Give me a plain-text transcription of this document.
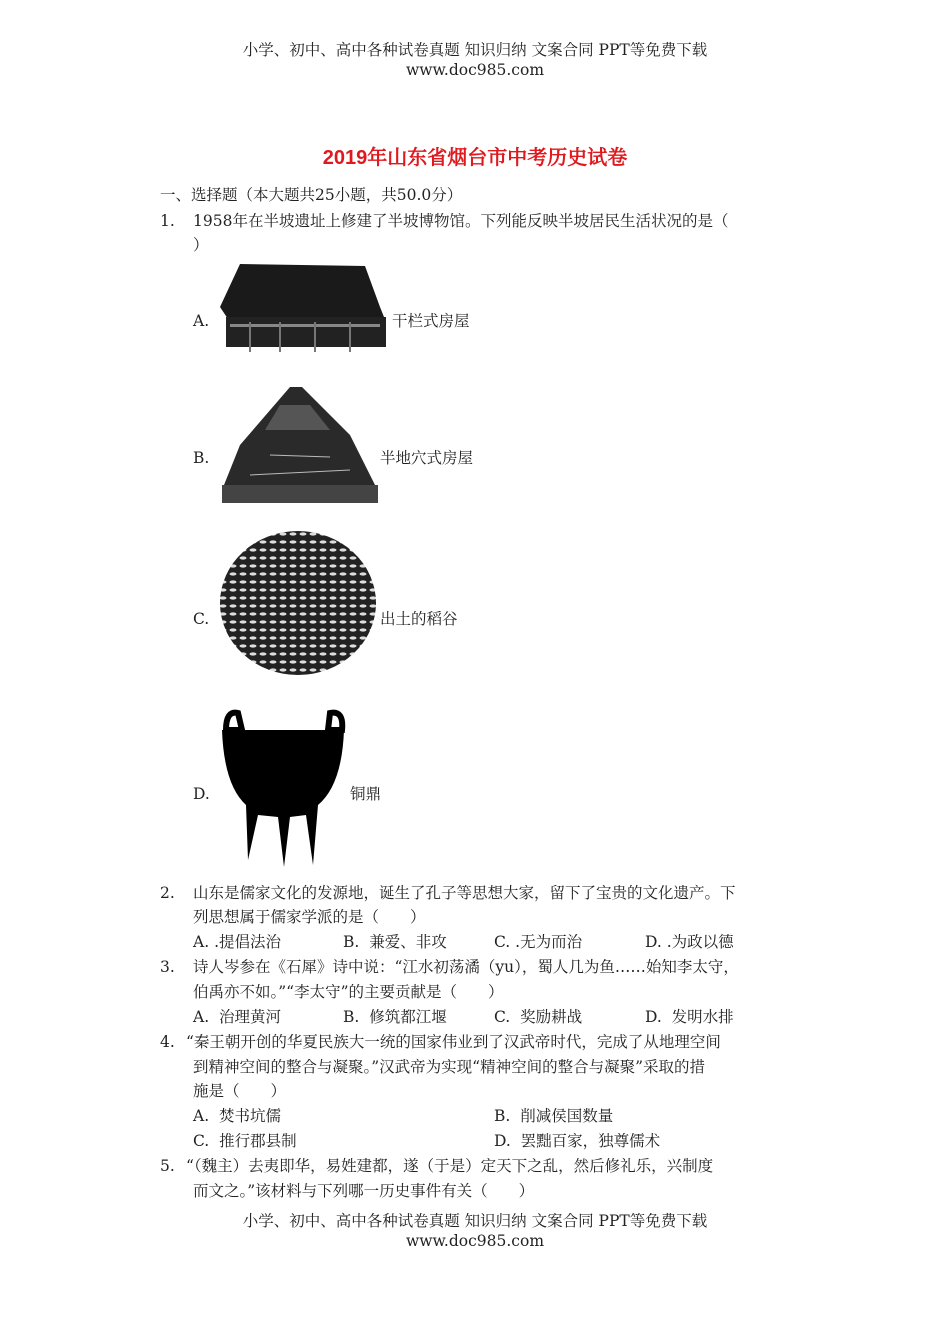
小学、初中、高中各种试卷真题 知识归纳 文案合同 PPT等免费下载
www.doc985.com
2019年山东省烟台市中考历史试卷
一、选择题（本大题共25小题，共50.0分）
1. 1958年在半坡遗址上修建了半坡博物馆。下列能反映半坡居民生活状况的是（
）
A.	干栏式房屋
B.	半地穴式房屋
C.	出土的稻谷
D.	铜鼎
2. 山东是儒家文化的发源地，诞生了孔子等思想大家，留下了宝贵的文化遗产。下
列思想属于儒家学派的是（　　）
A. .提倡法治	B. 兼爱、非攻	C. .无为而治	D. .为政以德
3. 诗人岑参在《石犀》诗中说：“江水初荡潏（yu），蜀人几为鱼……始知李太守，
伯禹亦不如。”“李太守”的主要贡献是（　　）
A. 治理黄河	B. 修筑都江堰	C. 奖励耕战	D. 发明水排
4. “秦王朝开创的华夏民族大一统的国家伟业到了汉武帝时代，完成了从地理空间
到精神空间的整合与凝聚。”汉武帝为实现“精神空间的整合与凝聚”采取的措
施是（　　）
A. 焚书坑儒	B. 削减侯国数量
C. 推行郡县制	D. 罢黜百家，独尊儒术
5. “（魏主）去夷即华，易姓建都，遂（于是）定天下之乱，然后修礼乐，兴制度
而文之。”该材料与下列哪一历史事件有关（　　）
小学、初中、高中各种试卷真题 知识归纳 文案合同 PPT等免费下载
www.doc985.com
